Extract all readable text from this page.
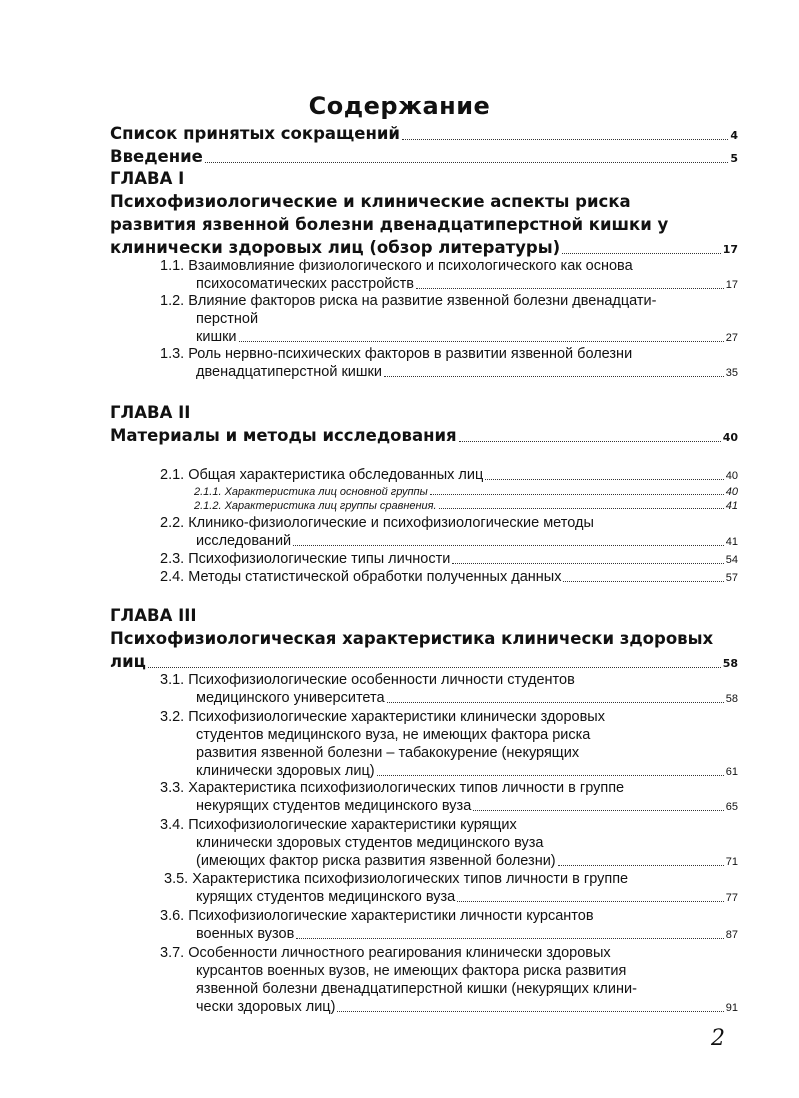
Содержание
Список принятых сокращений	4
Введение	5
ГЛАВА I
Психофизиологические и клинические аспекты риска
развития язвенной болезни двенадцатиперстной кишки у
клинически здоровых лиц (обзор литературы)	17
1.1. Взаимовлияние физиологического и психологического как основа
психосоматических расстройств	17
1.2. Влияние факторов риска на развитие язвенной болезни двенадцати-
перстной
кишки	27
1.3. Роль нервно-психических факторов в развитии язвенной болезни
двенадцатиперстной кишки	35
ГЛАВА II
Материалы и методы исследования	40
2.1. Общая характеристика обследованных лиц	40
2.1.1. Характеристика лиц основной группы	40
2.1.2. Характеристика лиц группы сравнения.	41
2.2. Клинико-физиологические и психофизиологические методы
исследований	41
2.3. Психофизиологические типы личности	54
2.4. Методы статистической обработки полученных данных	57
ГЛАВА III
Психофизиологическая характеристика клинически здоровых
лиц	58
3.1. Психофизиологические особенности личности студентов
медицинского университета	58
3.2. Психофизиологические характеристики клинически здоровых
студентов медицинского вуза, не имеющих фактора риска
развития язвенной болезни – табакокурение (некурящих
клинически здоровых лиц)	61
3.3. Характеристика психофизиологических типов личности в группе
некурящих студентов медицинского вуза	65
3.4. Психофизиологические характеристики курящих
клинически здоровых студентов медицинского вуза
(имеющих фактор риска развития язвенной болезни)	71
3.5. Характеристика психофизиологических типов личности в группе
курящих студентов медицинского вуза	77
3.6. Психофизиологические характеристики личности курсантов
военных вузов	87
3.7. Особенности личностного реагирования клинически здоровых
курсантов военных вузов, не имеющих фактора риска развития
язвенной болезни двенадцатиперстной кишки (некурящих клини-
чески здоровых лиц)	91
2
